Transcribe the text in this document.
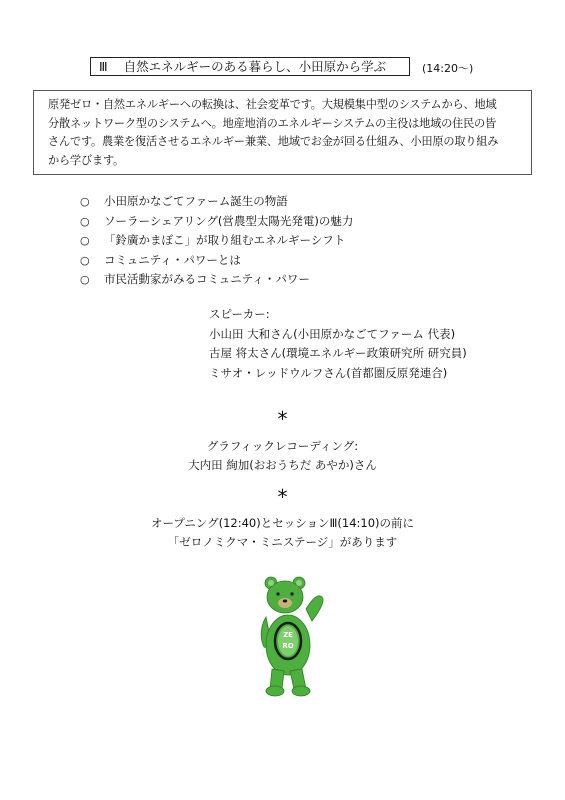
Ⅲ 自然エネルギーのある暮らし、小田原から学ぶ	(14:20〜)
原発ゼロ・自然エネルギーへの転換は、社会変革です。大規模集中型のシステムから、地域
分散ネットワーク型のシステムへ。地産地消のエネルギーシステムの主役は地域の住民の皆
さんです。農業を復活させるエネルギー兼業、地域でお金が回る仕組み、小田原の取り組み
から学びます。
○ 小田原かなごてファーム誕生の物語
○ ソーラーシェアリング(営農型太陽光発電)の魅力
○ 「鈴廣かまぼこ」が取り組むエネルギーシフト
○ コミュニティ・パワーとは
○ 市民活動家がみるコミュニティ・パワー
スピーカー:
小山田 大和さん(小田原かなごてファーム 代表)
古屋 将太さん(環境エネルギー政策研究所 研究員)
ミサオ・レッドウルフさん(首都圏反原発連合)
*
グラフィックレコーディング:
大内田 絢加(おおうちだ あやか)さん
*
オープニング(12:40)とセッションⅢ(14:10)の前に
「ゼロノミクマ・ミニステージ」があります
ZE
RO
